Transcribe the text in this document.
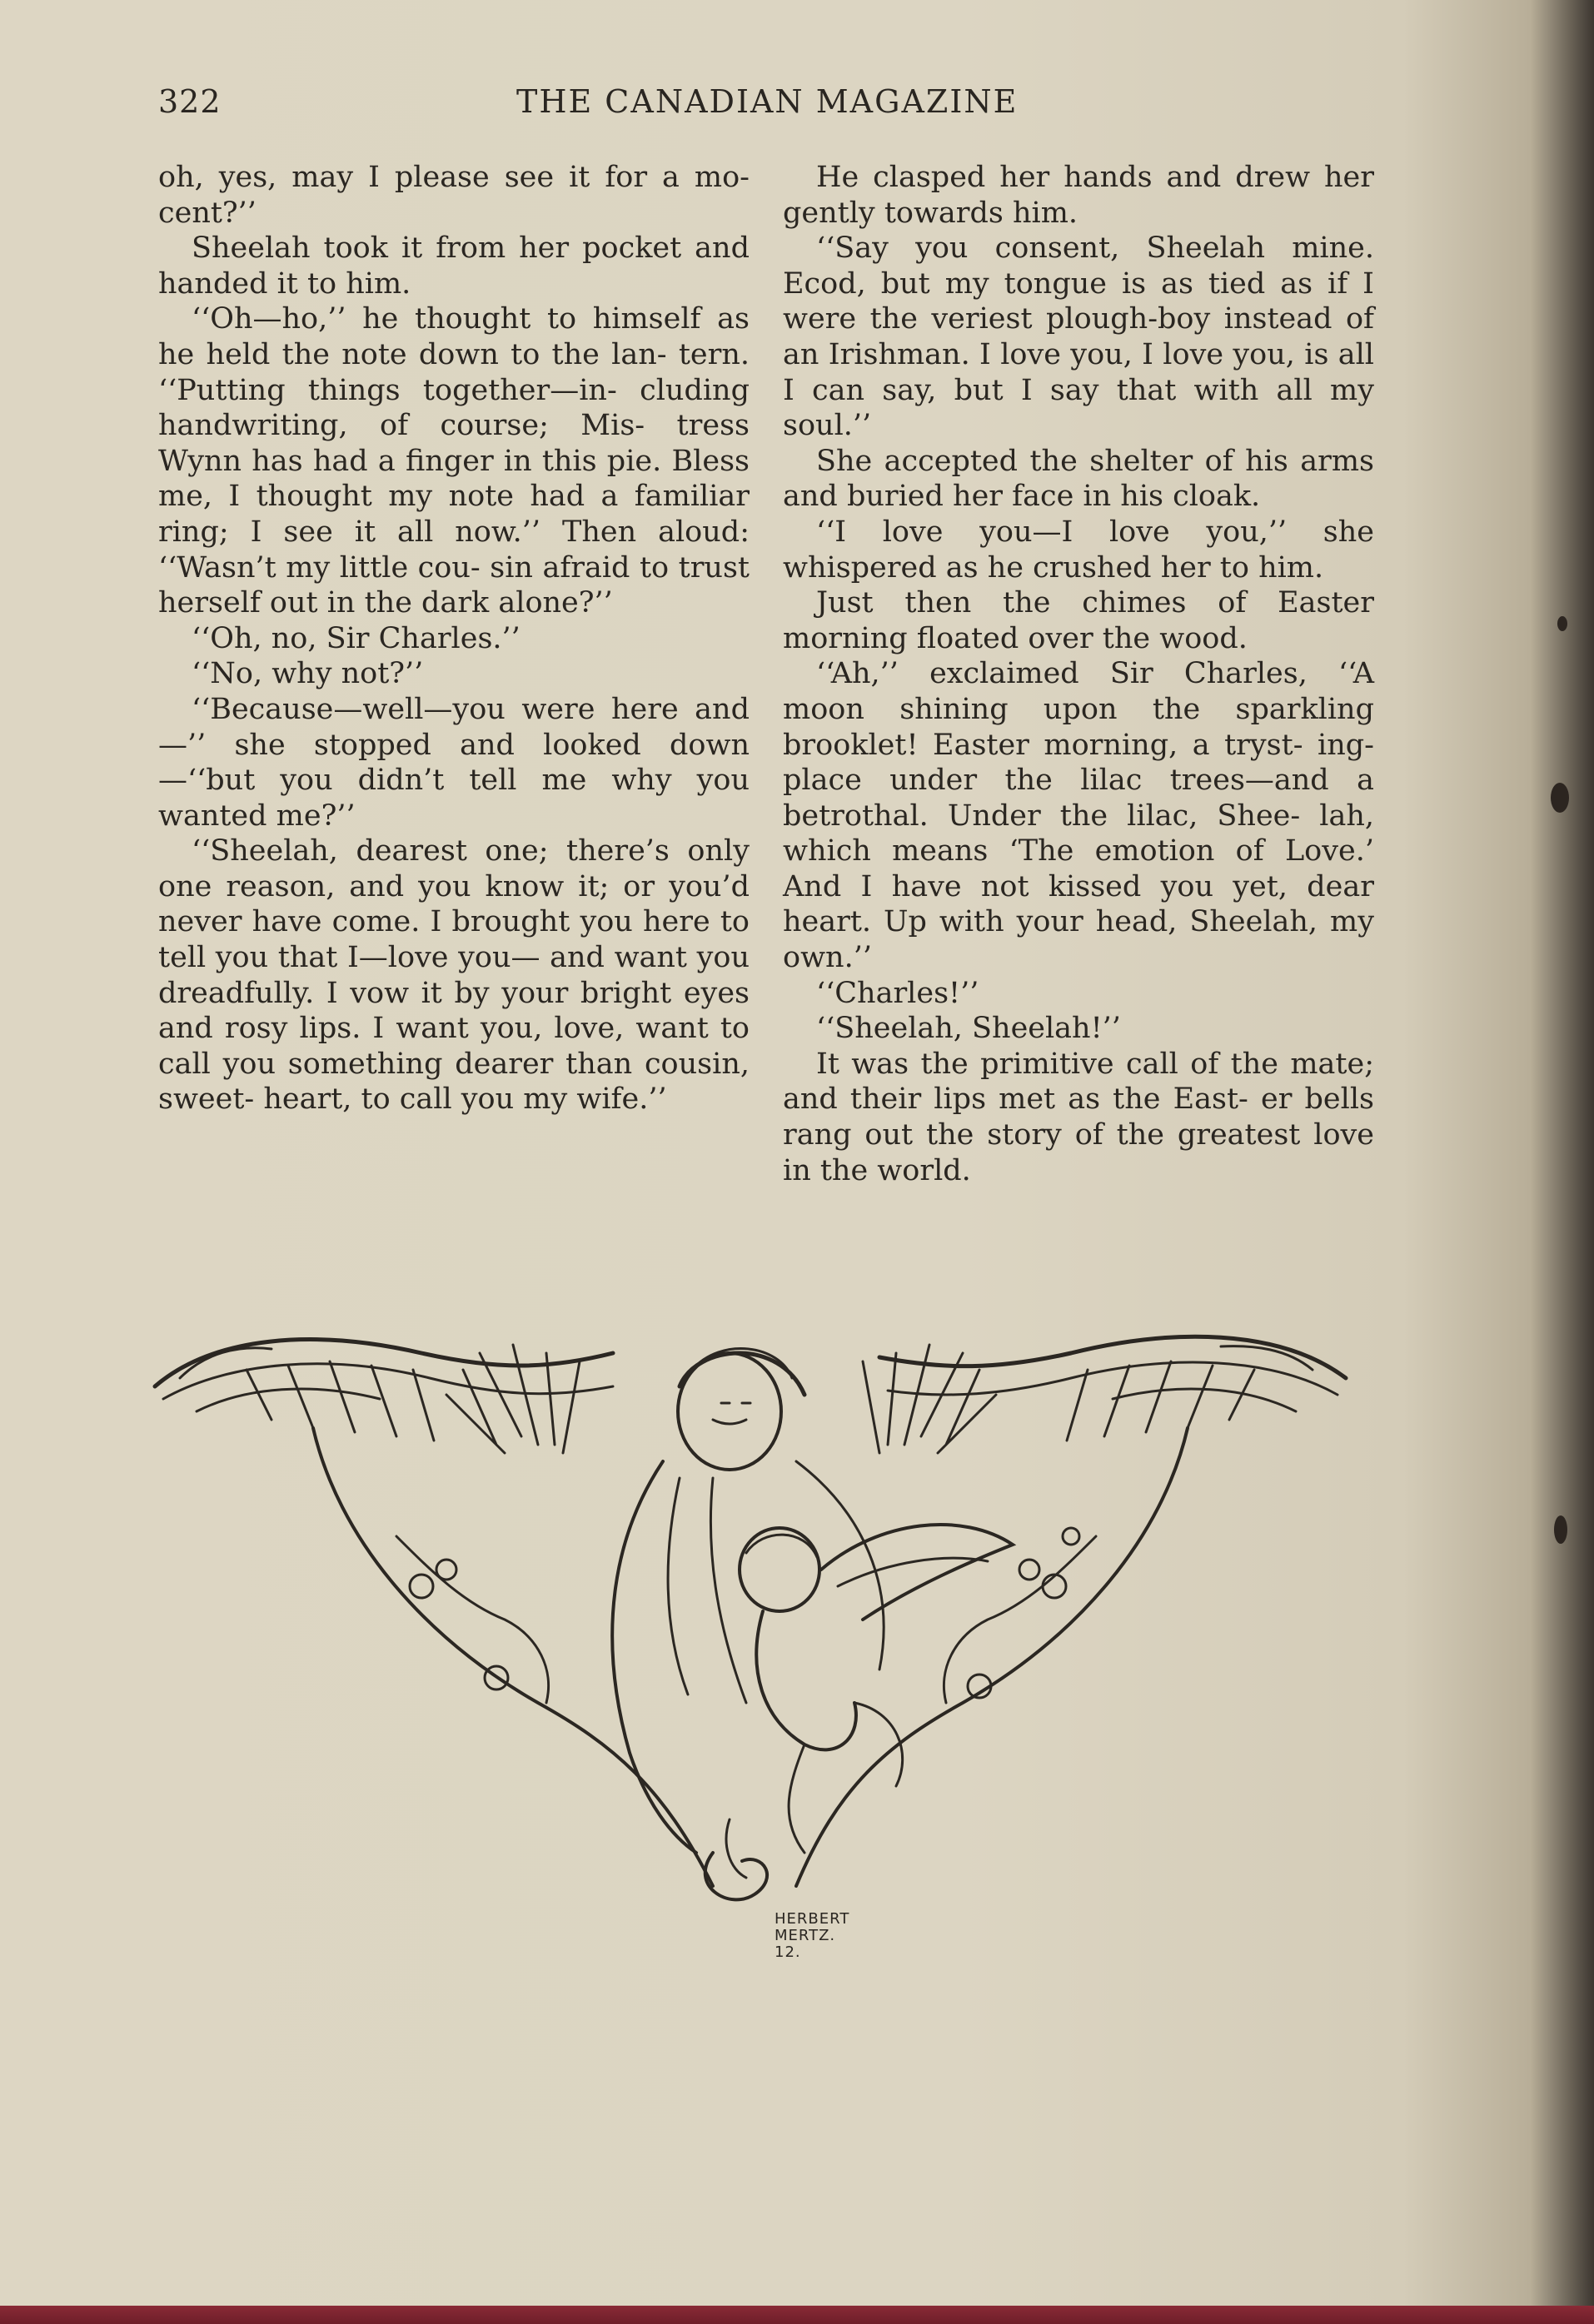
322	THE CANADIAN MAGAZINE

oh, yes, may I please see it for a mo- cent?’’

Sheelah took it from her pocket and handed it to him.

‘‘Oh—ho,’’ he thought to himself as he held the note down to the lan- tern. ‘‘Putting things together—in- cluding handwriting, of course; Mis- tress Wynn has had a finger in this pie. Bless me, I thought my note had a familiar ring; I see it all now.’’ Then aloud: ‘‘Wasn’t my little cou- sin afraid to trust herself out in the dark alone?’’

‘‘Oh, no, Sir Charles.’’

‘‘No, why not?’’

‘‘Because—well—you were here and—’’ she stopped and looked down —‘‘but you didn’t tell me why you wanted me?’’

‘‘Sheelah, dearest one; there’s only one reason, and you know it; or you’d never have come. I brought you here to tell you that I—love you— and want you dreadfully. I vow it by your bright eyes and rosy lips. I want you, love, want to call you something dearer than cousin, sweet- heart, to call you my wife.’’

He clasped her hands and drew her gently towards him.

‘‘Say you consent, Sheelah mine. Ecod, but my tongue is as tied as if I were the veriest plough-boy instead of an Irishman. I love you, I love you, is all I can say, but I say that with all my soul.’’

She accepted the shelter of his arms and buried her face in his cloak.

‘‘I love you—I love you,’’ she whispered as he crushed her to him.

Just then the chimes of Easter morning floated over the wood.

‘‘Ah,’’ exclaimed Sir Charles, ‘‘A moon shining upon the sparkling brooklet! Easter morning, a tryst- ing-place under the lilac trees—and a betrothal. Under the lilac, Shee- lah, which means ‘The emotion of Love.’ And I have not kissed you yet, dear heart. Up with your head, Sheelah, my own.’’

‘‘Charles!’’

‘‘Sheelah, Sheelah!’’

It was the primitive call of the mate; and their lips met as the East- er bells rang out the story of the greatest love in the world.

HERBERT
MERTZ.
12.
